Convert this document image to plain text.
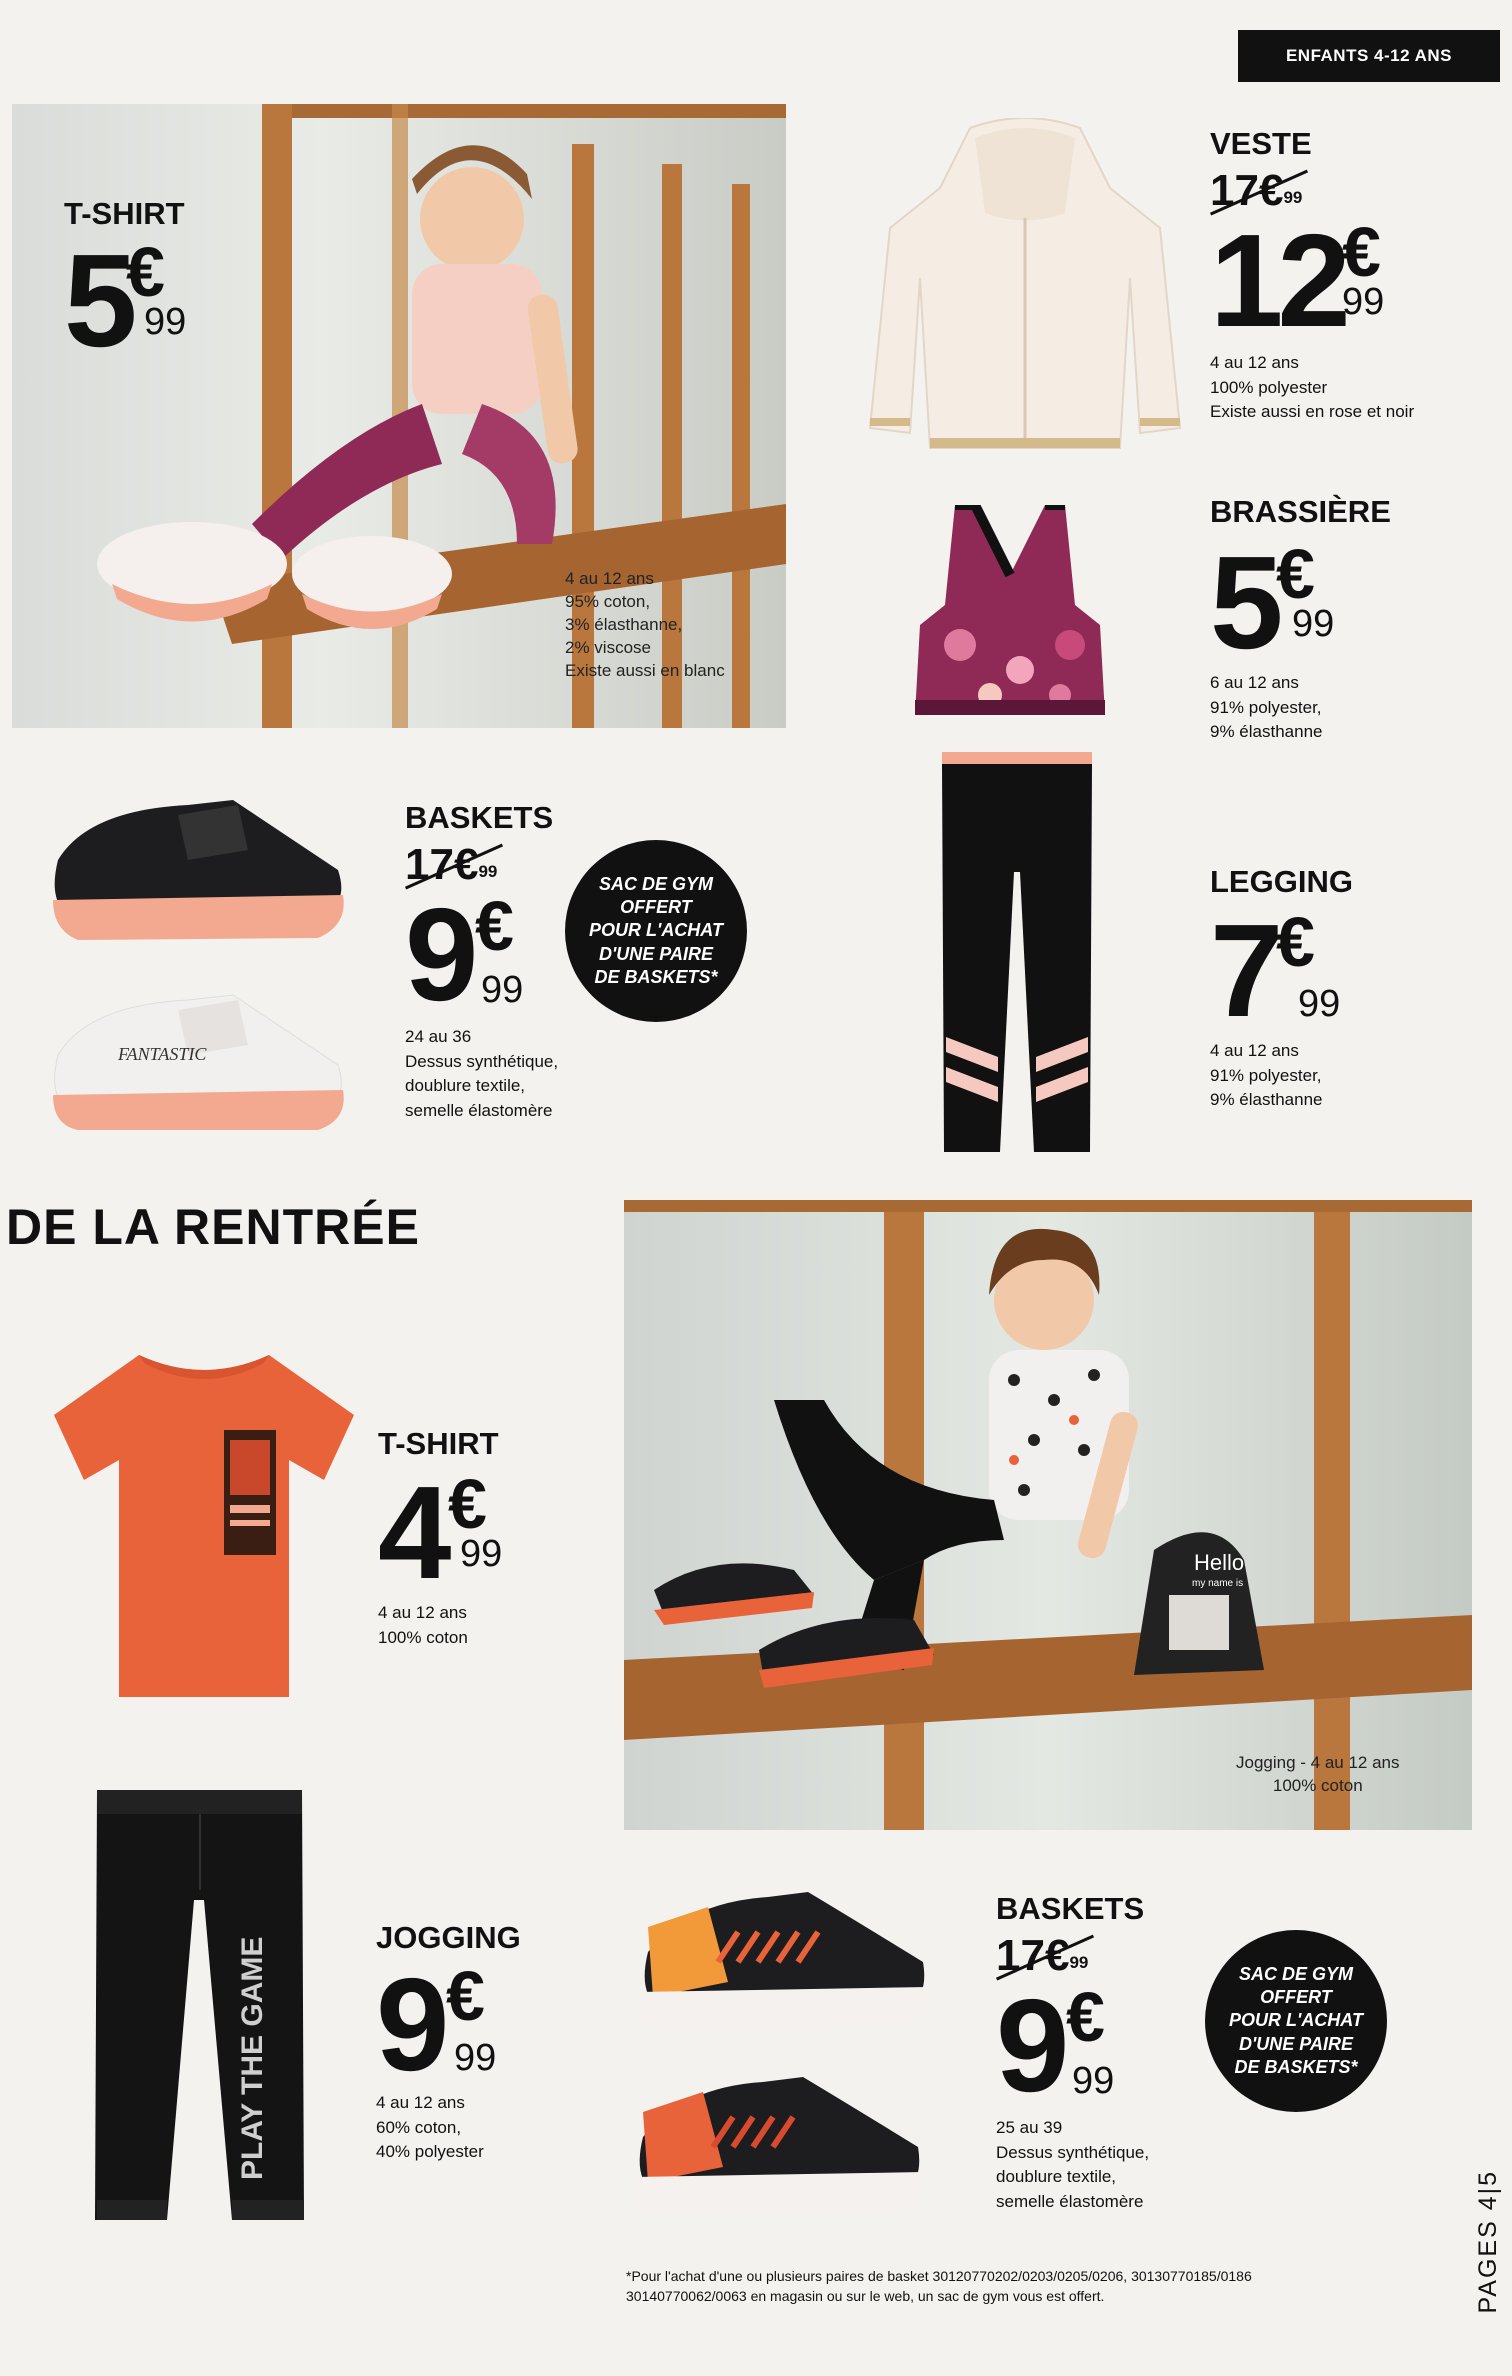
ENFANTS 4-12 ANS
T-SHIRT
5
€
99
4 au 12 ans
95% coton,
3% élasthanne,
2% viscose
Existe aussi en blanc
VESTE
17€$^{99}$
12
€
99
4 au 12 ans
100% polyester
Existe aussi en rose et noir
BRASSIÈRE
5
€
99
6 au 12 ans
91% polyester,
9% élasthanne
LEGGING
7
€
99
4 au 12 ans
91% polyester,
9% élasthanne
FANTASTIC
BASKETS
17€$^{99}$
9 €
99
24 au 36
Dessus synthétique,
doublure textile,
semelle élastomère
SAC DE GYM
OFFERT
POUR L'ACHAT
D'UNE PAIRE
DE BASKETS*
DE LA RENTRÉE
Hello
my name is
Jogging - 4 au 12 ans
100% coton
T-SHIRT
4 €
99
4 au 12 ans
100% coton
PLAY THE GAME	JOGGING
9 €
99
4 au 12 ans
60% coton,
40% polyester
BASKETS
17€$^{99}$
9 €
99
25 au 39
Dessus synthétique,
doublure textile,
semelle élastomère
SAC DE GYM
OFFERT
POUR L'ACHAT
D'UNE PAIRE
DE BASKETS*
*Pour l'achat d'une ou plusieurs paires de basket 30120770202/0203/0205/0206, 30130770185/0186
30140770062/0063 en magasin ou sur le web, un sac de gym vous est offert.	PAGES 4|5
